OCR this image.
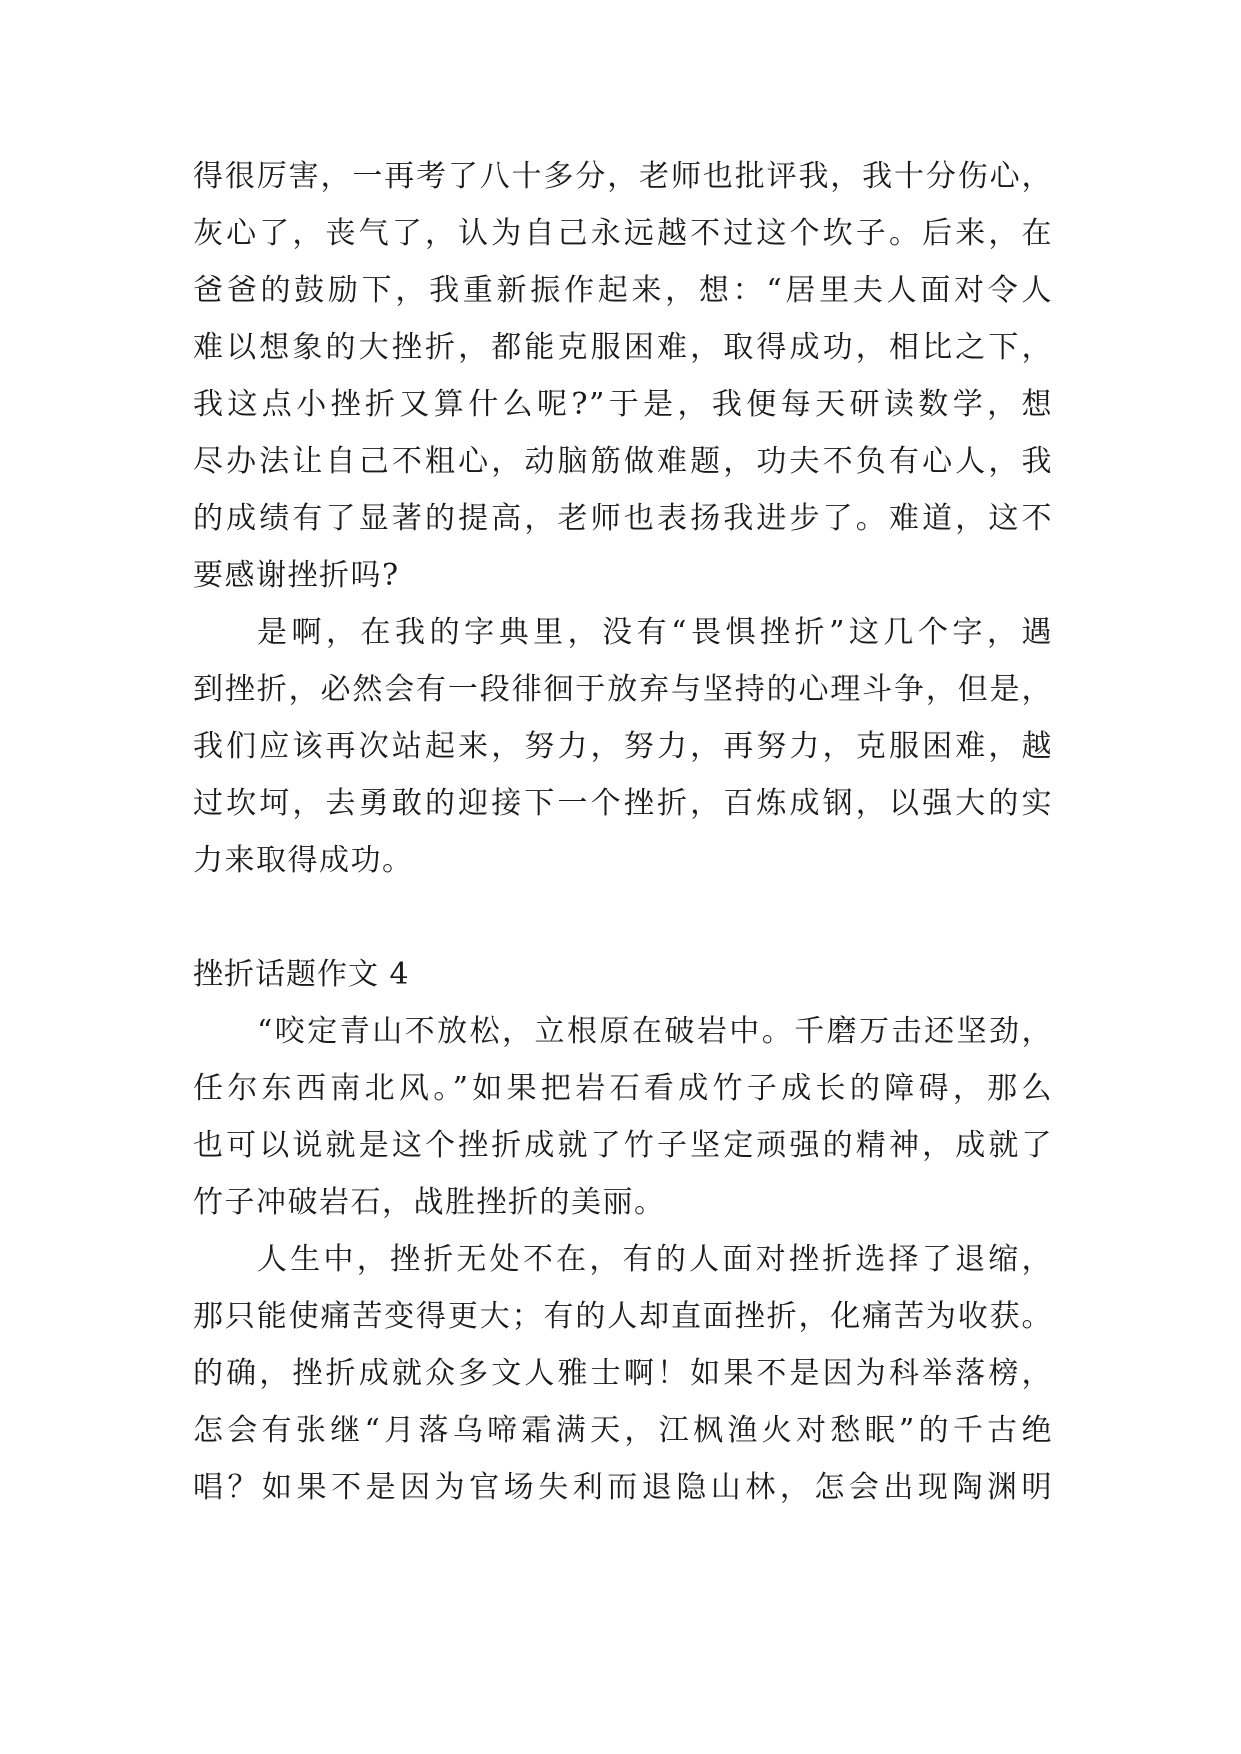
得很厉害，一再考了八十多分，老师也批评我，我十分伤心，
灰心了，丧气了，认为自己永远越不过这个坎子。后来，在
爸爸的鼓励下，我重新振作起来，想：“居里夫人面对令人
难以想象的大挫折，都能克服困难，取得成功，相比之下，
我这点小挫折又算什么呢?”于是，我便每天研读数学，想
尽办法让自己不粗心，动脑筋做难题，功夫不负有心人，我
的成绩有了显著的提高，老师也表扬我进步了。难道，这不
要感谢挫折吗?
是啊，在我的字典里，没有“畏惧挫折”这几个字，遇
到挫折，必然会有一段徘徊于放弃与坚持的心理斗争，但是，
我们应该再次站起来，努力，努力，再努力，克服困难，越
过坎坷，去勇敢的迎接下一个挫折，百炼成钢，以强大的实
力来取得成功。
挫折话题作文 4
“咬定青山不放松，立根原在破岩中。千磨万击还坚劲，
任尔东西南北风。”如果把岩石看成竹子成长的障碍，那么
也可以说就是这个挫折成就了竹子坚定顽强的精神，成就了
竹子冲破岩石，战胜挫折的美丽。
人生中，挫折无处不在，有的人面对挫折选择了退缩，
那只能使痛苦变得更大；有的人却直面挫折，化痛苦为收获。
的确，挫折成就众多文人雅士啊！如果不是因为科举落榜，
怎会有张继“月落乌啼霜满天，江枫渔火对愁眠”的千古绝
唱？如果不是因为官场失利而退隐山林，怎会出现陶渊明
